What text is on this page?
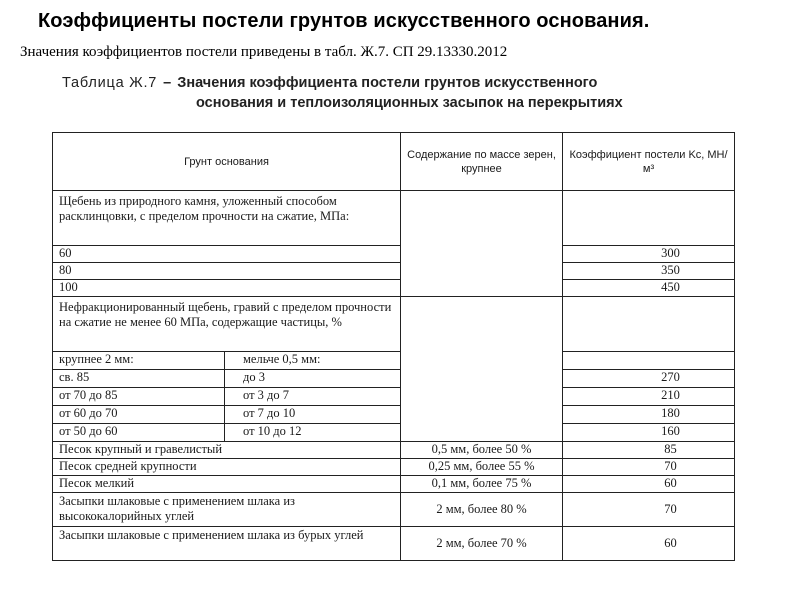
Коэффициенты постели грунтов искусственного основания.
Значения коэффициентов постели приведены в табл. Ж.7. СП 29.13330.2012
Таблица Ж.7 – Значения коэффициента постели грунтов искусственного
основания и теплоизоляционных засыпок на перекрытиях
Грунт основания		Содержание по массе зерен, крупнее	Коэффициент постели Kс, МН/м³
Щебень из природного камня, уложенный способом расклинцовки, с пределом прочности на сжатие, МПа:			
60			300
80			350
100			450
Нефракционированный щебень, гравий с пределом прочности на сжатие не менее 60 МПа, содержащие частицы, %			
крупнее 2 мм:	мельче 0,5 мм:		
св. 85	до 3		270
от 70 до 85	от 3 до 7		210
от 60 до 70	от 7 до 10		180
от 50 до 60	от 10 до 12		160
Песок крупный и гравелистый		0,5 мм, более 50 %	85
Песок средней крупности		0,25 мм, более 55 %	70
Песок мелкий		0,1 мм, более 75 %	60
Засыпки шлаковые с применением шлака из высококалорийных углей		2 мм, более 80 %	70
Засыпки шлаковые с применением шлака из бурых углей		2 мм, более 70 %	60
